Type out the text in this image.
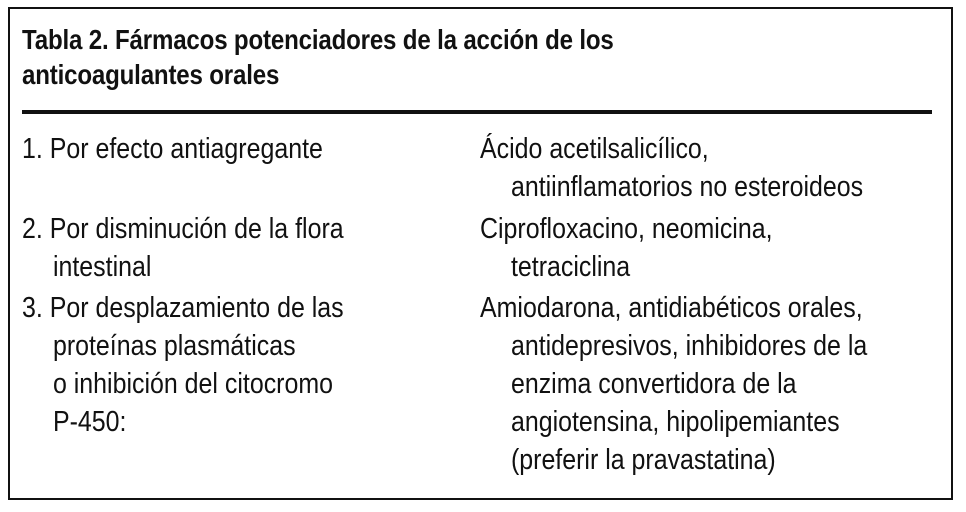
Tabla 2. Fármacos potenciadores de la acción de los
anticoagulantes orales
1. Por efecto antiagregante	Ácido acetilsalicílico,
antiinflamatorios no esteroideos
2. Por disminución de la flora
intestinal
Ciprofloxacino, neomicina,
tetraciclina
3. Por desplazamiento de las
proteínas plasmáticas
o inhibición del citocromo
P-450:
Amiodarona, antidiabéticos orales,
antidepresivos, inhibidores de la
enzima convertidora de la
angiotensina, hipolipemiantes
(preferir la pravastatina)
